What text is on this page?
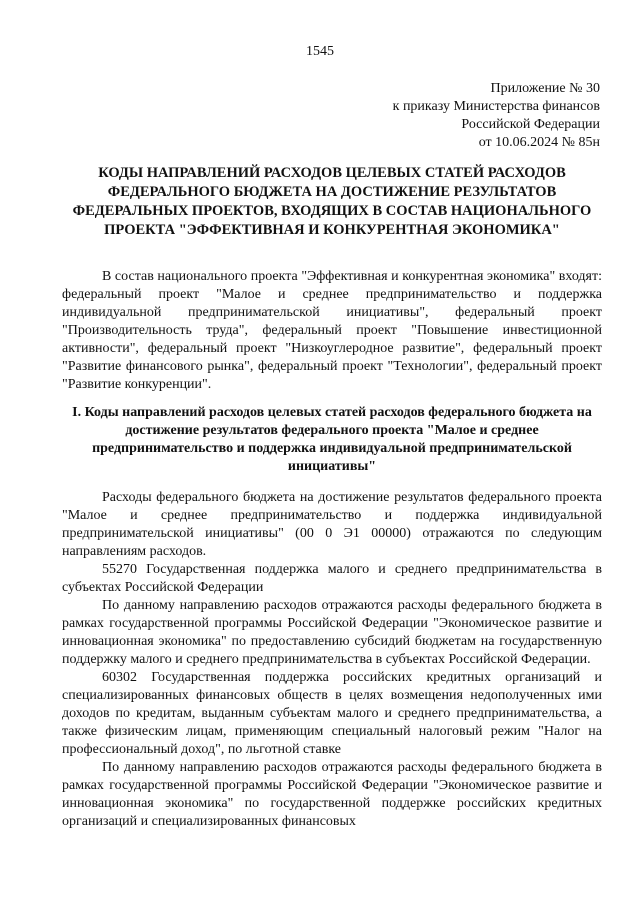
1545
Приложение № 30
к приказу Министерства финансов
Российской Федерации
от 10.06.2024 № 85н
КОДЫ НАПРАВЛЕНИЙ РАСХОДОВ ЦЕЛЕВЫХ СТАТЕЙ РАСХОДОВ ФЕДЕРАЛЬНОГО БЮДЖЕТА НА ДОСТИЖЕНИЕ РЕЗУЛЬТАТОВ ФЕДЕРАЛЬНЫХ ПРОЕКТОВ, ВХОДЯЩИХ В СОСТАВ НАЦИОНАЛЬНОГО ПРОЕКТА "ЭФФЕКТИВНАЯ И КОНКУРЕНТНАЯ ЭКОНОМИКА"

В состав национального проекта "Эффективная и конкурентная экономика" входят: федеральный проект "Малое и среднее предпринимательство и поддержка индивидуальной предпринимательской инициативы", федеральный проект "Производительность труда", федеральный проект "Повышение инвестиционной активности", федеральный проект "Низкоуглеродное развитие", федеральный проект "Развитие финансового рынка", федеральный проект "Технологии", федеральный проект "Развитие конкуренции".

I. Коды направлений расходов целевых статей расходов федерального бюджета на достижение результатов федерального проекта "Малое и среднее предпринимательство и поддержка индивидуальной предпринимательской инициативы"

Расходы федерального бюджета на достижение результатов федерального проекта "Малое и среднее предпринимательство и поддержка индивидуальной предпринимательской инициативы" (00 0 Э1 00000) отражаются по следующим направлениям расходов.

55270 Государственная поддержка малого и среднего предпринимательства в субъектах Российской Федерации

По данному направлению расходов отражаются расходы федерального бюджета в рамках государственной программы Российской Федерации "Экономическое развитие и инновационная экономика" по предоставлению субсидий бюджетам на государственную поддержку малого и среднего предпринимательства в субъектах Российской Федерации.

60302 Государственная поддержка российских кредитных организаций и специализированных финансовых обществ в целях возмещения недополученных ими доходов по кредитам, выданным субъектам малого и среднего предпринимательства, а также физическим лицам, применяющим специальный налоговый режим "Налог на профессиональный доход", по льготной ставке

По данному направлению расходов отражаются расходы федерального бюджета в рамках государственной программы Российской Федерации "Экономическое развитие и инновационная экономика" по государственной поддержке российских кредитных организаций и специализированных финансовых
